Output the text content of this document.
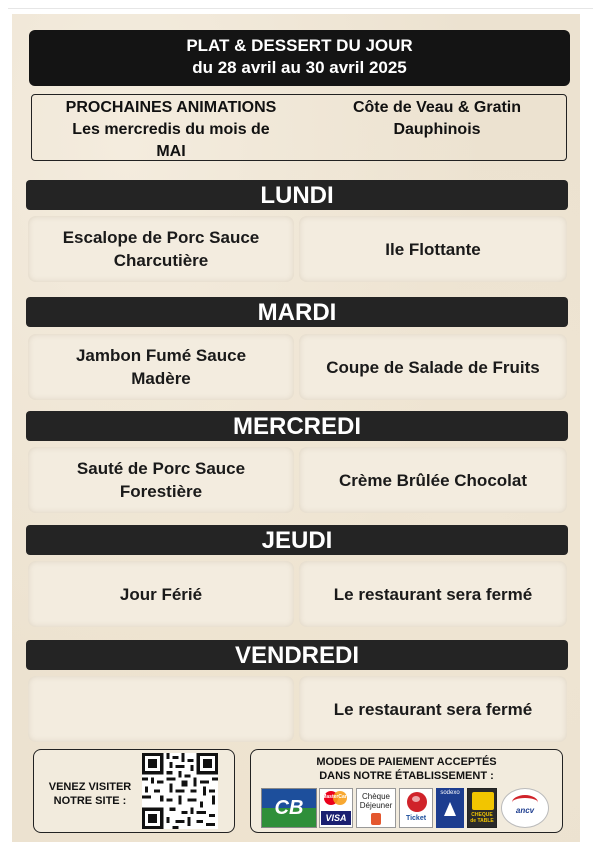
PLAT & DESSERT DU JOUR
du 28 avril au 30 avril 2025
PROCHAINES ANIMATIONS
Les mercredis du mois de
MAI
Côte de Veau & Gratin
Dauphinois
LUNDI
Escalope de Porc Sauce
Charcutière
Ile Flottante
MARDI
Jambon Fumé Sauce
Madère
Coupe de Salade de Fruits
MERCREDI
Sauté de Porc Sauce
Forestière
Crème Brûlée Chocolat
JEUDI
Jour Férié	Le restaurant sera fermé
VENDREDI
Le restaurant sera fermé
VENEZ VISITER
NOTRE SITE :
MODES DE PAIEMENT ACCEPTÉS
DANS NOTRE ÉTABLISSEMENT :
CB	MasterCard
VISA
Chèque
Déjeuner
Ticket
sodexo
CHEQUE
de TABLE
ancv
